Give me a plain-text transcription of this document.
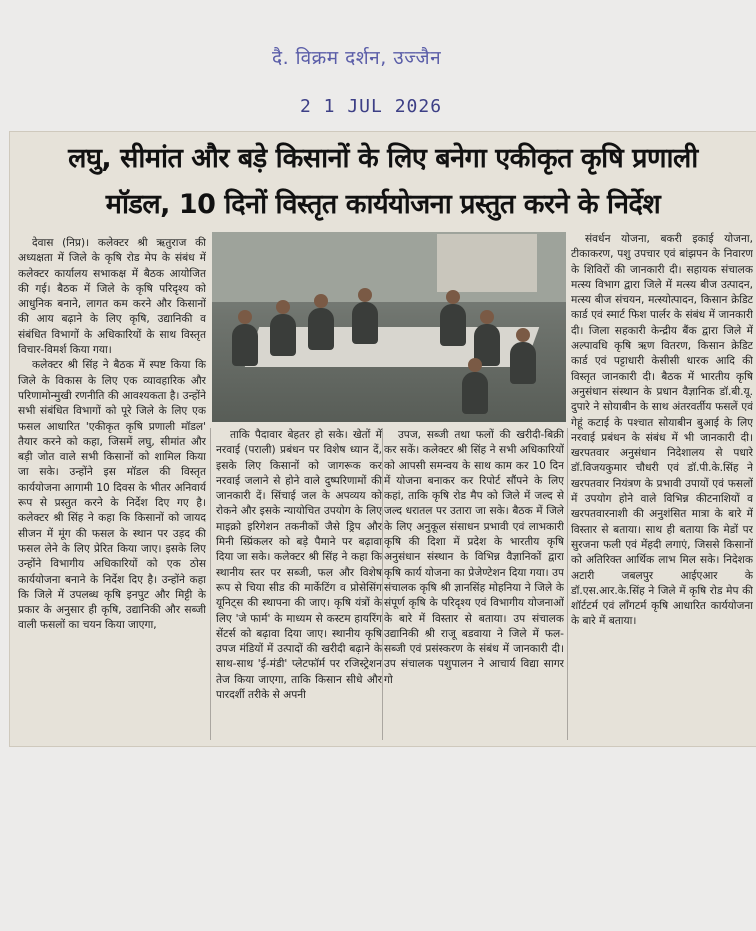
दै. विक्रम दर्शन, उज्जैन
2 1 JUL 2026
लघु, सीमांत और बड़े किसानों के लिए बनेगा एकीकृत कृषि प्रणाली
मॉडल, 10 दिनों विस्तृत कार्ययोजना प्रस्तुत करने के निर्देश

देवास (निप्र)। कलेक्टर श्री ऋतुराज की अध्यक्षता में जिले के कृषि रोड मेप के संबंध में कलेक्टर कार्यालय सभाकक्ष में बैठक आयोजित की गई। बैठक में जिले के कृषि परिदृश्य को आधुनिक बनाने, लागत कम करने और किसानों की आय बढ़ाने के लिए कृषि, उद्यानिकी व संबंधित विभागों के अधिकारियों के साथ विस्तृत विचार-विमर्श किया गया।

कलेक्टर श्री सिंह ने बैठक में स्पष्ट किया कि जिले के विकास के लिए एक व्यावहारिक और परिणामोन्मुखी रणनीति की आवश्यकता है। उन्होंने सभी संबंधित विभागों को पूरे जिले के लिए एक फसल आधारित 'एकीकृत कृषि प्रणाली मॉडल' तैयार करने को कहा, जिसमें लघु, सीमांत और बड़ी जोत वाले सभी किसानों को शामिल किया जा सके। उन्होंने इस मॉडल की विस्तृत कार्ययोजना आगामी 10 दिवस के भीतर अनिवार्य रूप से प्रस्तुत करने के निर्देश दिए गए है। कलेक्टर श्री सिंह ने कहा कि किसानों को जायद सीजन में मूंग की फसल के स्थान पर उड़द की फसल लेने के लिए प्रेरित किया जाए। इसके लिए उन्होंने विभागीय अधिकारियों को एक ठोस कार्ययोजना बनाने के निर्देश दिए है। उन्होंने कहा कि जिले में उपलब्ध कृषि इनपुट और मिट्टी के प्रकार के अनुसार ही कृषि, उद्यानिकी और सब्जी वाली फसलों का चयन किया जाएगा,

ताकि पैदावार बेहतर हो सके। खेतों में नरवाई (पराली) प्रबंधन पर विशेष ध्यान दें, इसके लिए किसानों को जागरूक कर नरवाई जलाने से होने वाले दुष्परिणामों की जानकारी दें। सिंचाई जल के अपव्यय को रोकने और इसके न्यायोचित उपयोग के लिए माइक्रो इरिगेशन तकनीकों जैसे ड्रिप और मिनी स्प्रिंकलर को बड़े पैमाने पर बढ़ावा दिया जा सके। कलेक्टर श्री सिंह ने कहा कि स्थानीय स्तर पर सब्जी, फल और विशेष रूप से चिया सीड की मार्केटिंग व प्रोसेसिंग यूनिट्स की स्थापना की जाए। कृषि यंत्रों के लिए 'जे फार्म' के माध्यम से कस्टम हायरिंग सेंटर्स को बढ़ावा दिया जाए। स्थानीय कृषि उपज मंडियों में उत्पादों की खरीदी बढ़ाने के साथ-साथ 'ई-मंडी' प्लेटफॉर्म पर रजिस्ट्रेशन तेज किया जाएगा, ताकि किसान सीधे और पारदर्शी तरीके से अपनी

उपज, सब्जी तथा फलों की खरीदी-बिक्री कर सकें। कलेक्टर श्री सिंह ने सभी अधिकारियों को आपसी समन्वय के साथ काम कर 10 दिन में योजना बनाकर कर रिपोर्ट सौंपने के लिए कहां, ताकि कृषि रोड मैप को जिले में जल्द से जल्द धरातल पर उतारा जा सके। बैठक में जिले के लिए अनुकूल संसाधन प्रभावी एवं लाभकारी कृषि की दिशा में प्रदेश के भारतीय कृषि अनुसंधान संस्थान के विभिन्न वैज्ञानिकों द्वारा कृषि कार्य योजना का प्रेजेण्टेशन दिया गया। उप संचालक कृषि श्री ज्ञानसिंह मोहनिया ने जिले के संपूर्ण कृषि के परिदृश्य एवं विभागीय योजनाओं के बारे में विस्तार से बताया। उप संचालक उद्यानिकी श्री राजू बडवाया ने जिले में फल-सब्जी एवं प्रसंस्करण के संबंध में जानकारी दी। उप संचालक पशुपालन ने आचार्य विद्या सागर गो

संवर्धन योजना, बकरी इकाई योजना, टीकाकरण, पशु उपचार एवं बांझपन के निवारण के शिविरों की जानकारी दी। सहायक संचालक मत्स्य विभाग द्वारा जिले में मत्स्य बीज उत्पादन, मत्स्य बीज संचयन, मत्स्योत्पादन, किसान क्रेडिट कार्ड एवं स्मार्ट फिश पार्लर के संबंध में जानकारी दी। जिला सहकारी केन्द्रीय बैंक द्वारा जिले में अल्पावधि कृषि ऋण वितरण, किसान क्रेडिट कार्ड एवं पट्टाधारी केसीसी धारक आदि की विस्तृत जानकारी दी। बैठक में भारतीय कृषि अनुसंधान संस्थान के प्रधान वैज्ञानिक डॉ.बी.यू. दुपारे ने सोयाबीन के साथ अंतरवर्तीय फसलें एवं गेहूं कटाई के पश्चात सोयाबीन बुआई के लिए नरवाई प्रबंधन के संबंध में भी जानकारी दी। खरपतवार अनुसंधान निदेशालय से पधारे डॉ.विजयकुमार चौधरी एवं डॉ.पी.के.सिंह ने खरपतवार नियंत्रण के प्रभावी उपायों एवं फसलों में उपयोग होने वाले विभिन्न कीटनाशियों व खरपतवारनाशी की अनुशंसित मात्रा के बारे में विस्तार से बताया। साथ ही बताया कि मेडों पर सुरजना फली एवं मेंहदी लगाएं, जिससे किसानों को अतिरिक्त आर्थिक लाभ मिल सके। निदेशक अटारी जबलपुर आईएआर के डॉ.एस.आर.के.सिंह ने जिले में कृषि रोड मेप की शॉर्टटर्म एवं लॉंगटर्म कृषि आधारित कार्ययोजना के बारे में बताया।
